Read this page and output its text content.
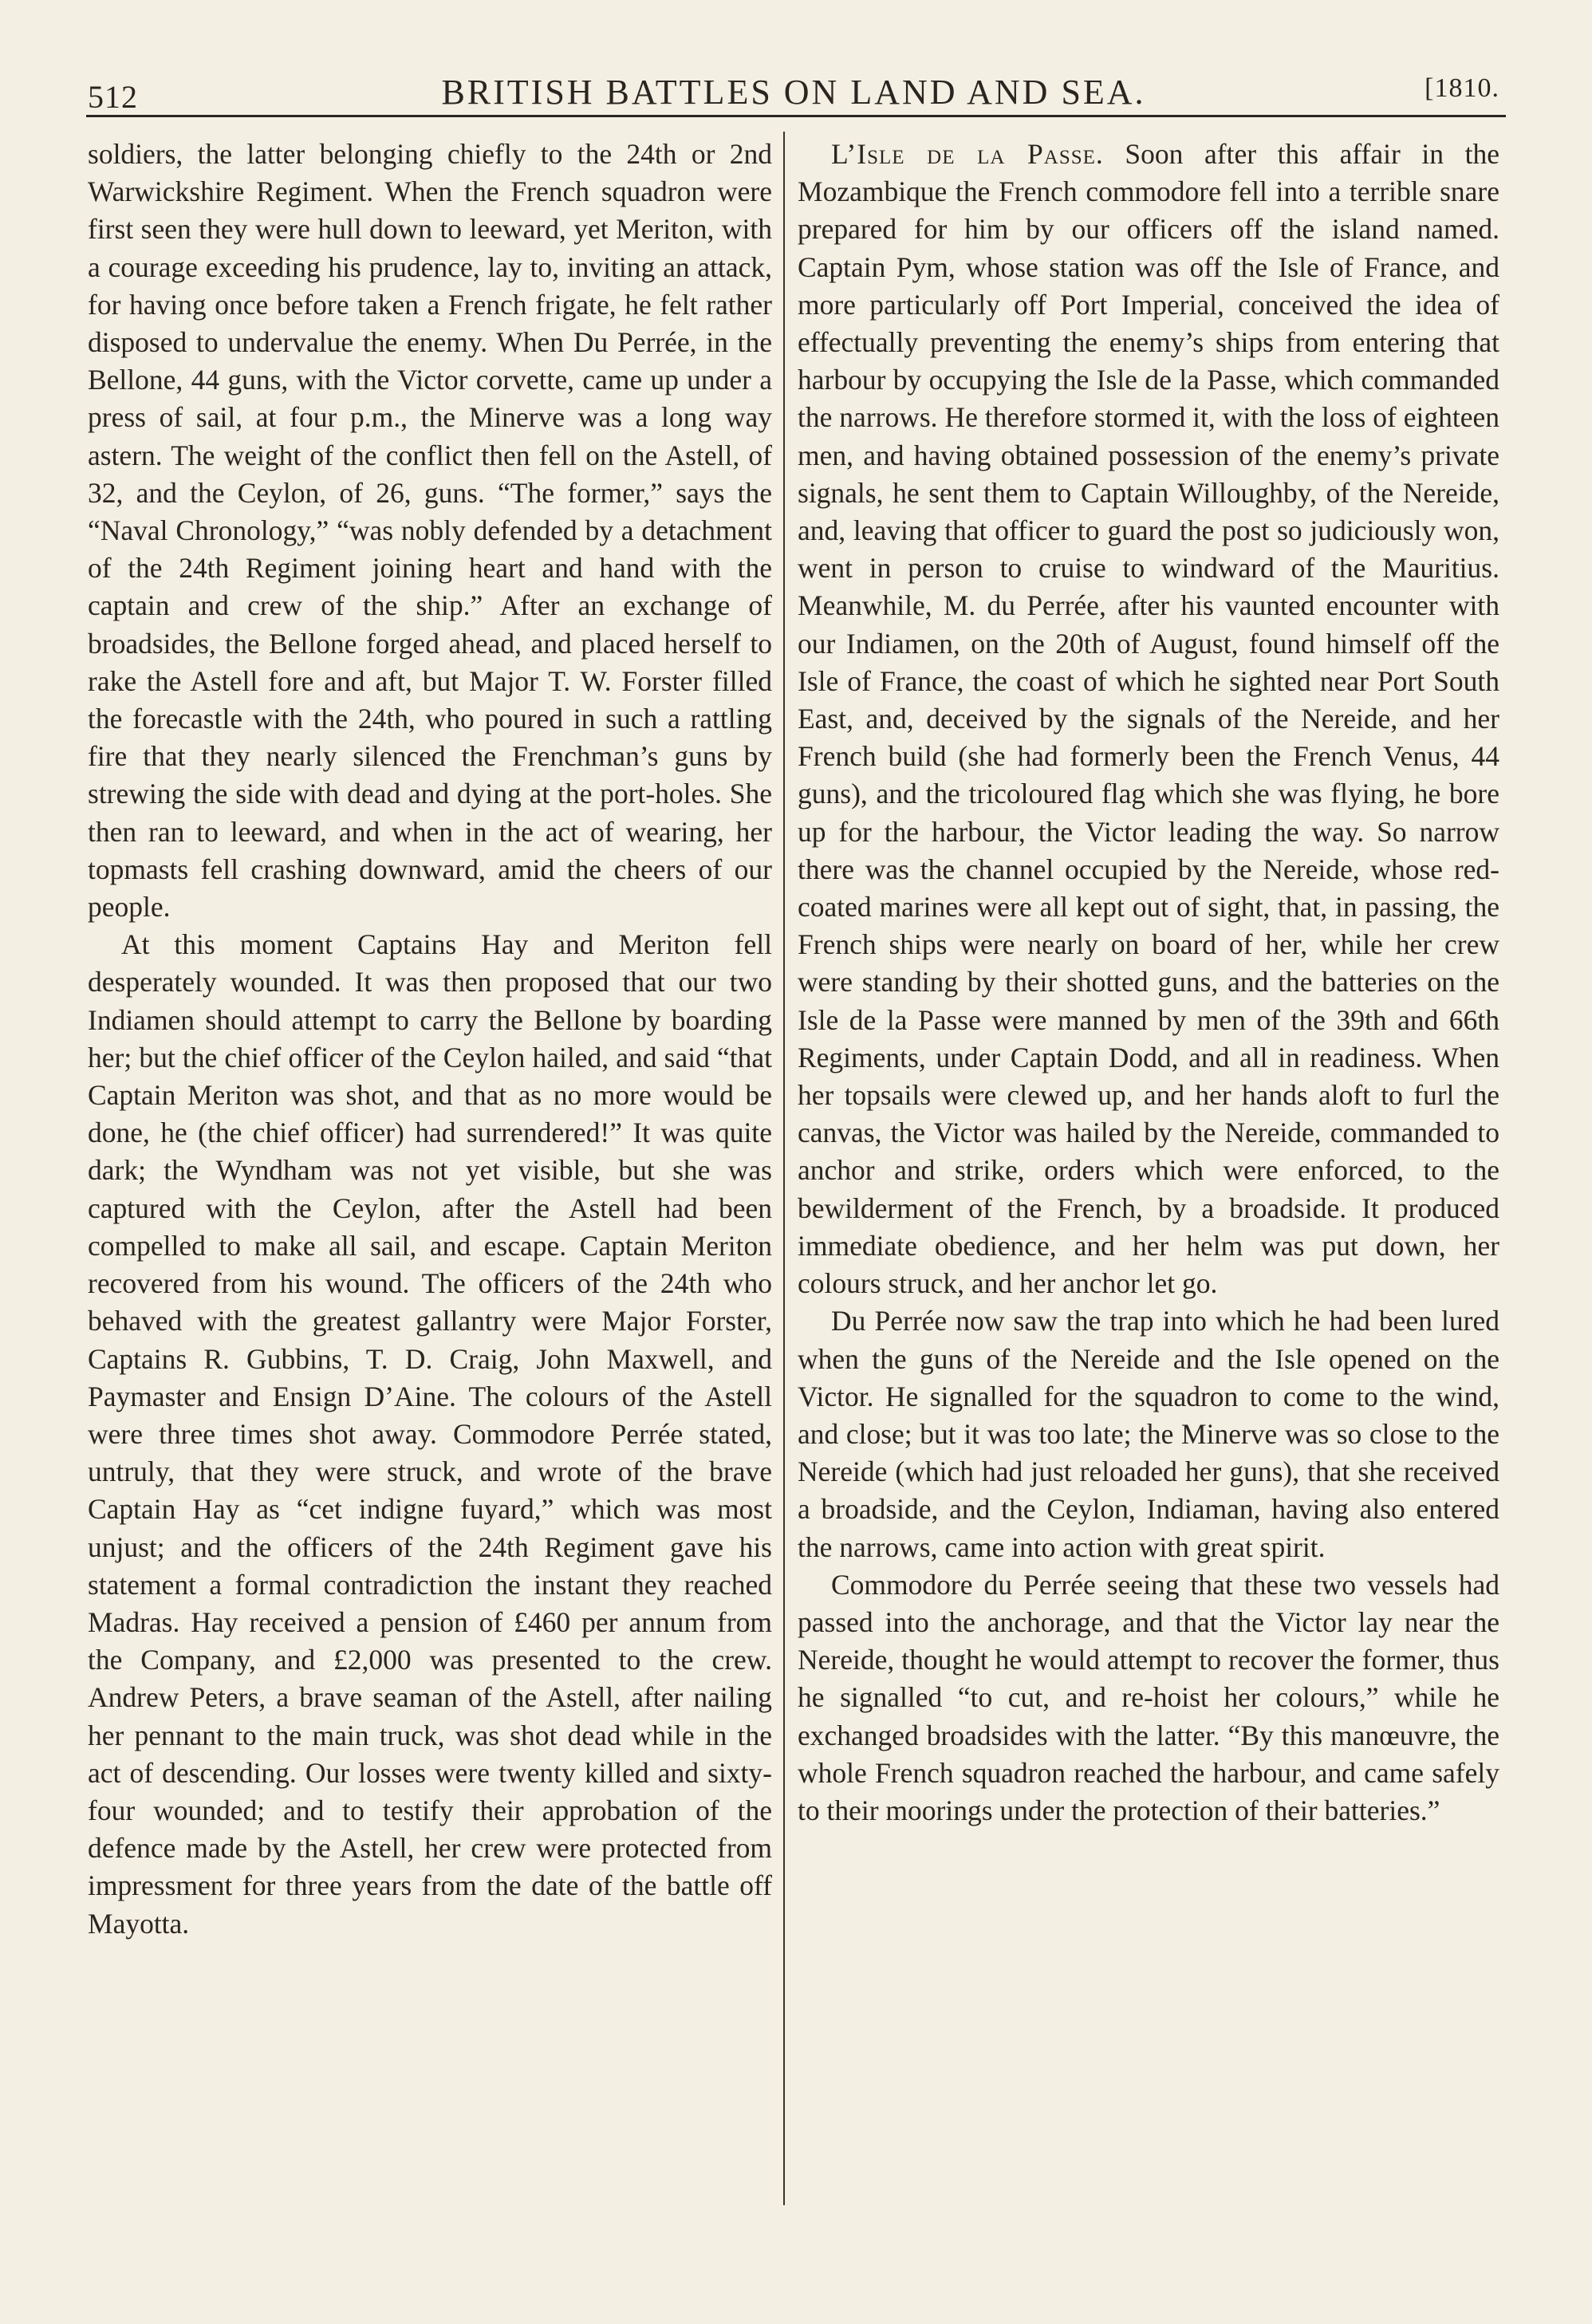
512	BRITISH BATTLES ON LAND AND SEA.	[1810.

soldiers, the latter belonging chiefly to the 24th or 2nd Warwickshire Regiment. When the French squadron were first seen they were hull down to leeward, yet Meriton, with a courage exceeding his prudence, lay to, inviting an attack, for having once before taken a French frigate, he felt rather disposed to undervalue the enemy. When Du Perrée, in the Bellone, 44 guns, with the Victor corvette, came up under a press of sail, at four p.m., the Minerve was a long way astern. The weight of the conflict then fell on the Astell, of 32, and the Ceylon, of 26, guns. “The former,” says the “Naval Chronology,” “was nobly defended by a detachment of the 24th Regiment joining heart and hand with the captain and crew of the ship.” After an exchange of broadsides, the Bellone forged ahead, and placed herself to rake the Astell fore and aft, but Major T. W. Forster filled the forecastle with the 24th, who poured in such a rattling fire that they nearly silenced the Frenchman’s guns by strewing the side with dead and dying at the port-holes. She then ran to leeward, and when in the act of wearing, her topmasts fell crashing downward, amid the cheers of our people.

At this moment Captains Hay and Meriton fell desperately wounded. It was then proposed that our two Indiamen should attempt to carry the Bellone by boarding her; but the chief officer of the Ceylon hailed, and said “that Captain Meriton was shot, and that as no more would be done, he (the chief officer) had surrendered!” It was quite dark; the Wyndham was not yet visible, but she was captured with the Ceylon, after the Astell had been compelled to make all sail, and escape. Captain Meriton recovered from his wound. The officers of the 24th who behaved with the greatest gallantry were Major Forster, Captains R. Gubbins, T. D. Craig, John Maxwell, and Paymaster and Ensign D’Aine. The colours of the Astell were three times shot away. Commodore Perrée stated, untruly, that they were struck, and wrote of the brave Captain Hay as “cet indigne fuyard,” which was most unjust; and the officers of the 24th Regiment gave his statement a formal contradiction the instant they reached Madras. Hay received a pension of £460 per annum from the Company, and £2,000 was presented to the crew. Andrew Peters, a brave seaman of the Astell, after nailing her pennant to the main truck, was shot dead while in the act of descending. Our losses were twenty killed and sixty-four wounded; and to testify their approbation of the defence made by the Astell, her crew were protected from impressment for three years from the date of the battle off Mayotta.

L’Isle de la Passe. Soon after this affair in the Mozambique the French commodore fell into a terrible snare prepared for him by our officers off the island named. Captain Pym, whose station was off the Isle of France, and more particularly off Port Imperial, conceived the idea of effectually preventing the enemy’s ships from entering that harbour by occupying the Isle de la Passe, which commanded the narrows. He therefore stormed it, with the loss of eighteen men, and having obtained possession of the enemy’s private signals, he sent them to Captain Willoughby, of the Nereide, and, leaving that officer to guard the post so judiciously won, went in person to cruise to windward of the Mauritius. Meanwhile, M. du Perrée, after his vaunted encounter with our Indiamen, on the 20th of August, found himself off the Isle of France, the coast of which he sighted near Port South East, and, deceived by the signals of the Nereide, and her French build (she had formerly been the French Venus, 44 guns), and the tricoloured flag which she was flying, he bore up for the harbour, the Victor leading the way. So narrow there was the channel occupied by the Nereide, whose red-coated marines were all kept out of sight, that, in passing, the French ships were nearly on board of her, while her crew were standing by their shotted guns, and the batteries on the Isle de la Passe were manned by men of the 39th and 66th Regiments, under Captain Dodd, and all in readiness. When her topsails were clewed up, and her hands aloft to furl the canvas, the Victor was hailed by the Nereide, commanded to anchor and strike, orders which were enforced, to the bewilderment of the French, by a broadside. It produced immediate obedience, and her helm was put down, her colours struck, and her anchor let go.

Du Perrée now saw the trap into which he had been lured when the guns of the Nereide and the Isle opened on the Victor. He signalled for the squadron to come to the wind, and close; but it was too late; the Minerve was so close to the Nereide (which had just reloaded her guns), that she received a broadside, and the Ceylon, Indiaman, having also entered the narrows, came into action with great spirit.

Commodore du Perrée seeing that these two vessels had passed into the anchorage, and that the Victor lay near the Nereide, thought he would attempt to recover the former, thus he signalled “to cut, and re-hoist her colours,” while he exchanged broadsides with the latter. “By this manœuvre, the whole French squadron reached the harbour, and came safely to their moorings under the protection of their batteries.”
